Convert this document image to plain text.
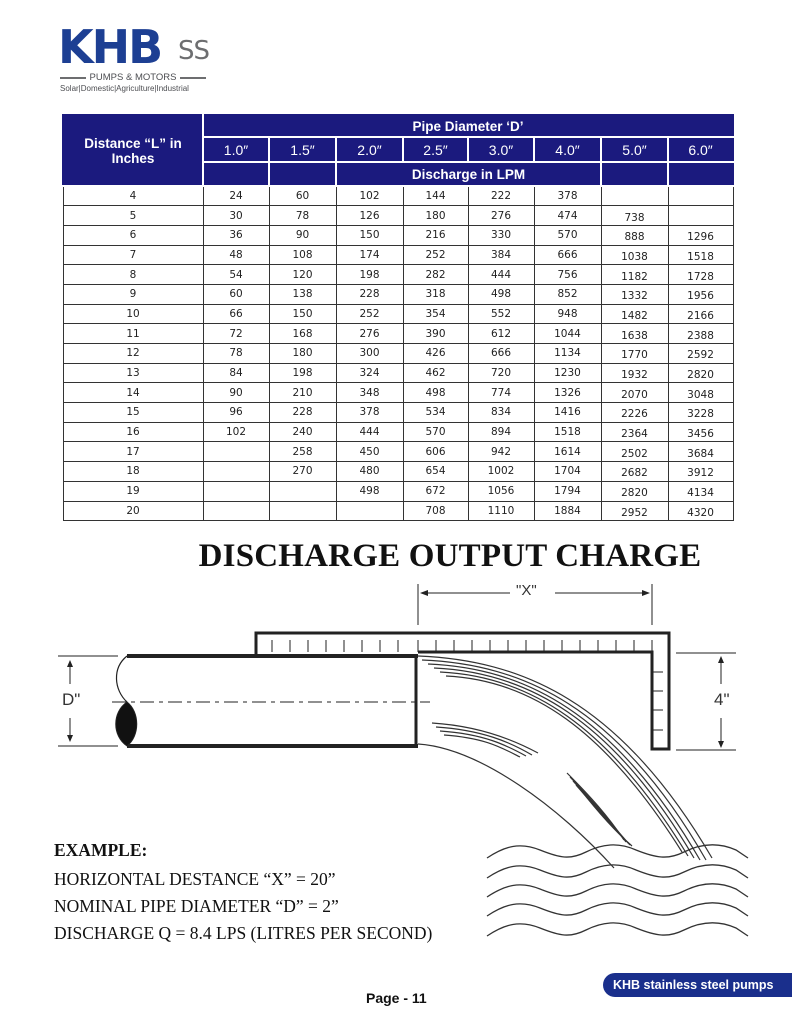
KHB SS
PUMPS & MOTORS
Solar|Domestic|Agriculture|Industrial
Distance “L” in Inches	Pipe Diameter ‘D’							
	1.0″	1.5″	2.0″	2.5″	3.0″	4.0″	5.0″	6.0″
			Discharge in LPM					
4	24	60	102	144	222	378		
5	30	78	126	180	276	474	738	
6	36	90	150	216	330	570	888	1296
7	48	108	174	252	384	666	1038	1518
8	54	120	198	282	444	756	1182	1728
9	60	138	228	318	498	852	1332	1956
10	66	150	252	354	552	948	1482	2166
11	72	168	276	390	612	1044	1638	2388
12	78	180	300	426	666	1134	1770	2592
13	84	198	324	462	720	1230	1932	2820
14	90	210	348	498	774	1326	2070	3048
15	96	228	378	534	834	1416	2226	3228
16	102	240	444	570	894	1518	2364	3456
17		258	450	606	942	1614	2502	3684
18		270	480	654	1002	1704	2682	3912
19			498	672	1056	1794	2820	4134
20				708	1110	1884	2952	4320
DISCHARGE OUTPUT CHARGE
"X"
D"	4"
EXAMPLE:
HORIZONTAL DESTANCE “X” = 20”
NOMINAL PIPE DIAMETER “D” = 2”
DISCHARGE Q = 8.4 LPS (LITRES PER SECOND)
KHB stainless steel pumps
Page - 11
